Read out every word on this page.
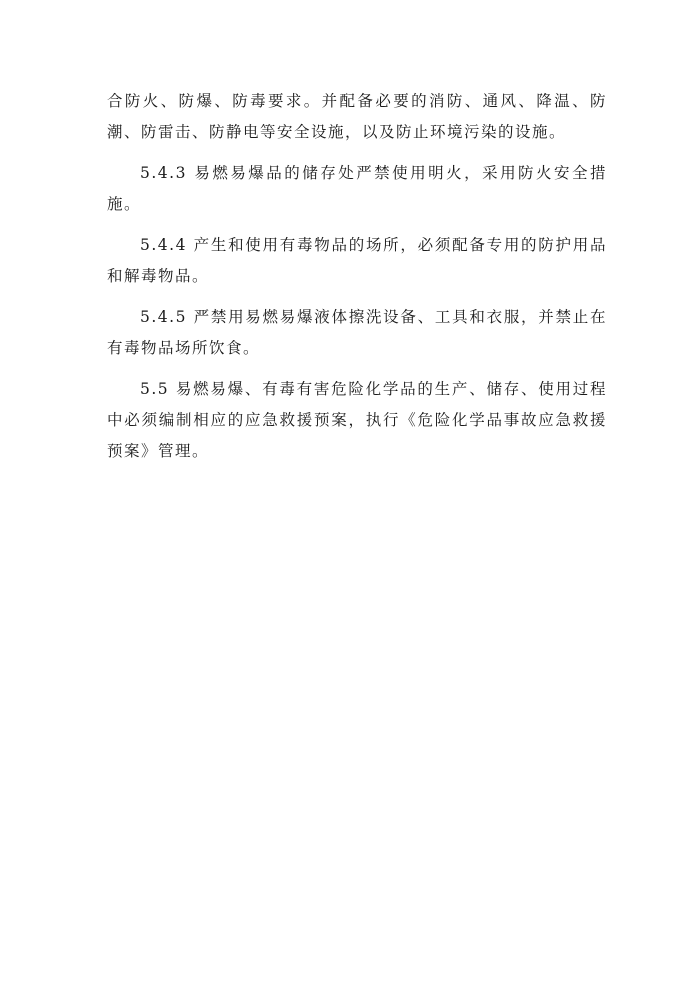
合防火、防爆、防毒要求。并配备必要的消防、通风、降温、防潮、防雷击、防静电等安全设施，以及防止环境污染的设施。

5.4.3 易燃易爆品的储存处严禁使用明火，采用防火安全措施。

5.4.4 产生和使用有毒物品的场所，必须配备专用的防护用品和解毒物品。

5.4.5 严禁用易燃易爆液体擦洗设备、工具和衣服，并禁止在有毒物品场所饮食。

5.5 易燃易爆、有毒有害危险化学品的生产、储存、使用过程中必须编制相应的应急救援预案，执行《危险化学品事故应急救援预案》管理。
